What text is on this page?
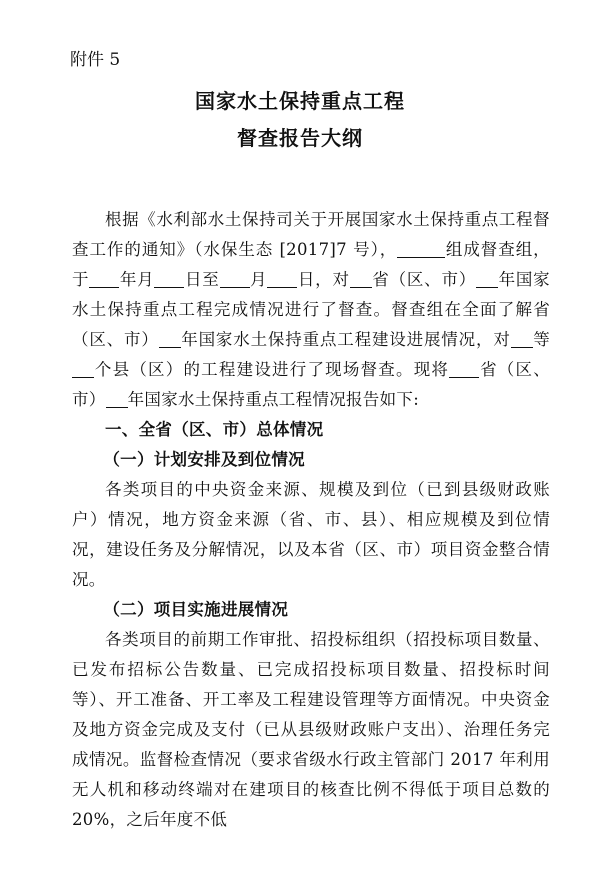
附件 5
国家水土保持重点工程
督查报告大纲

根据《水利部水土保持司关于开展国家水土保持重点工程督查工作的通知》（水保生态 [2017]7 号），	组成督查组，于 年月 日至 月 日，对 省（区、市） 年国家水土保持重点工程完成情况进行了督查。督查组在全面了解省（区、市） 年国家水土保持重点工程建设进展情况，对 等个县（区）的工程建设进行了现场督查。现将 省（区、市） 年国家水土保持重点工程情况报告如下:

一、全省（区、市）总体情况

（一）计划安排及到位情况

各类项目的中央资金来源、规模及到位（已到县级财政账户）情况，地方资金来源（省、市、县）、相应规模及到位情况，建设任务及分解情况，以及本省（区、市）项目资金整合情况。

（二）项目实施进展情况

各类项目的前期工作审批、招投标组织（招投标项目数量、已发布招标公告数量、已完成招投标项目数量、招投标时间等）、开工准备、开工率及工程建设管理等方面情况。中央资金及地方资金完成及支付（已从县级财政账户支出）、治理任务完成情况。监督检查情况（要求省级水行政主管部门 2017 年利用无人机和移动终端对在建项目的核查比例不得低于项目总数的 20%，之后年度不低
